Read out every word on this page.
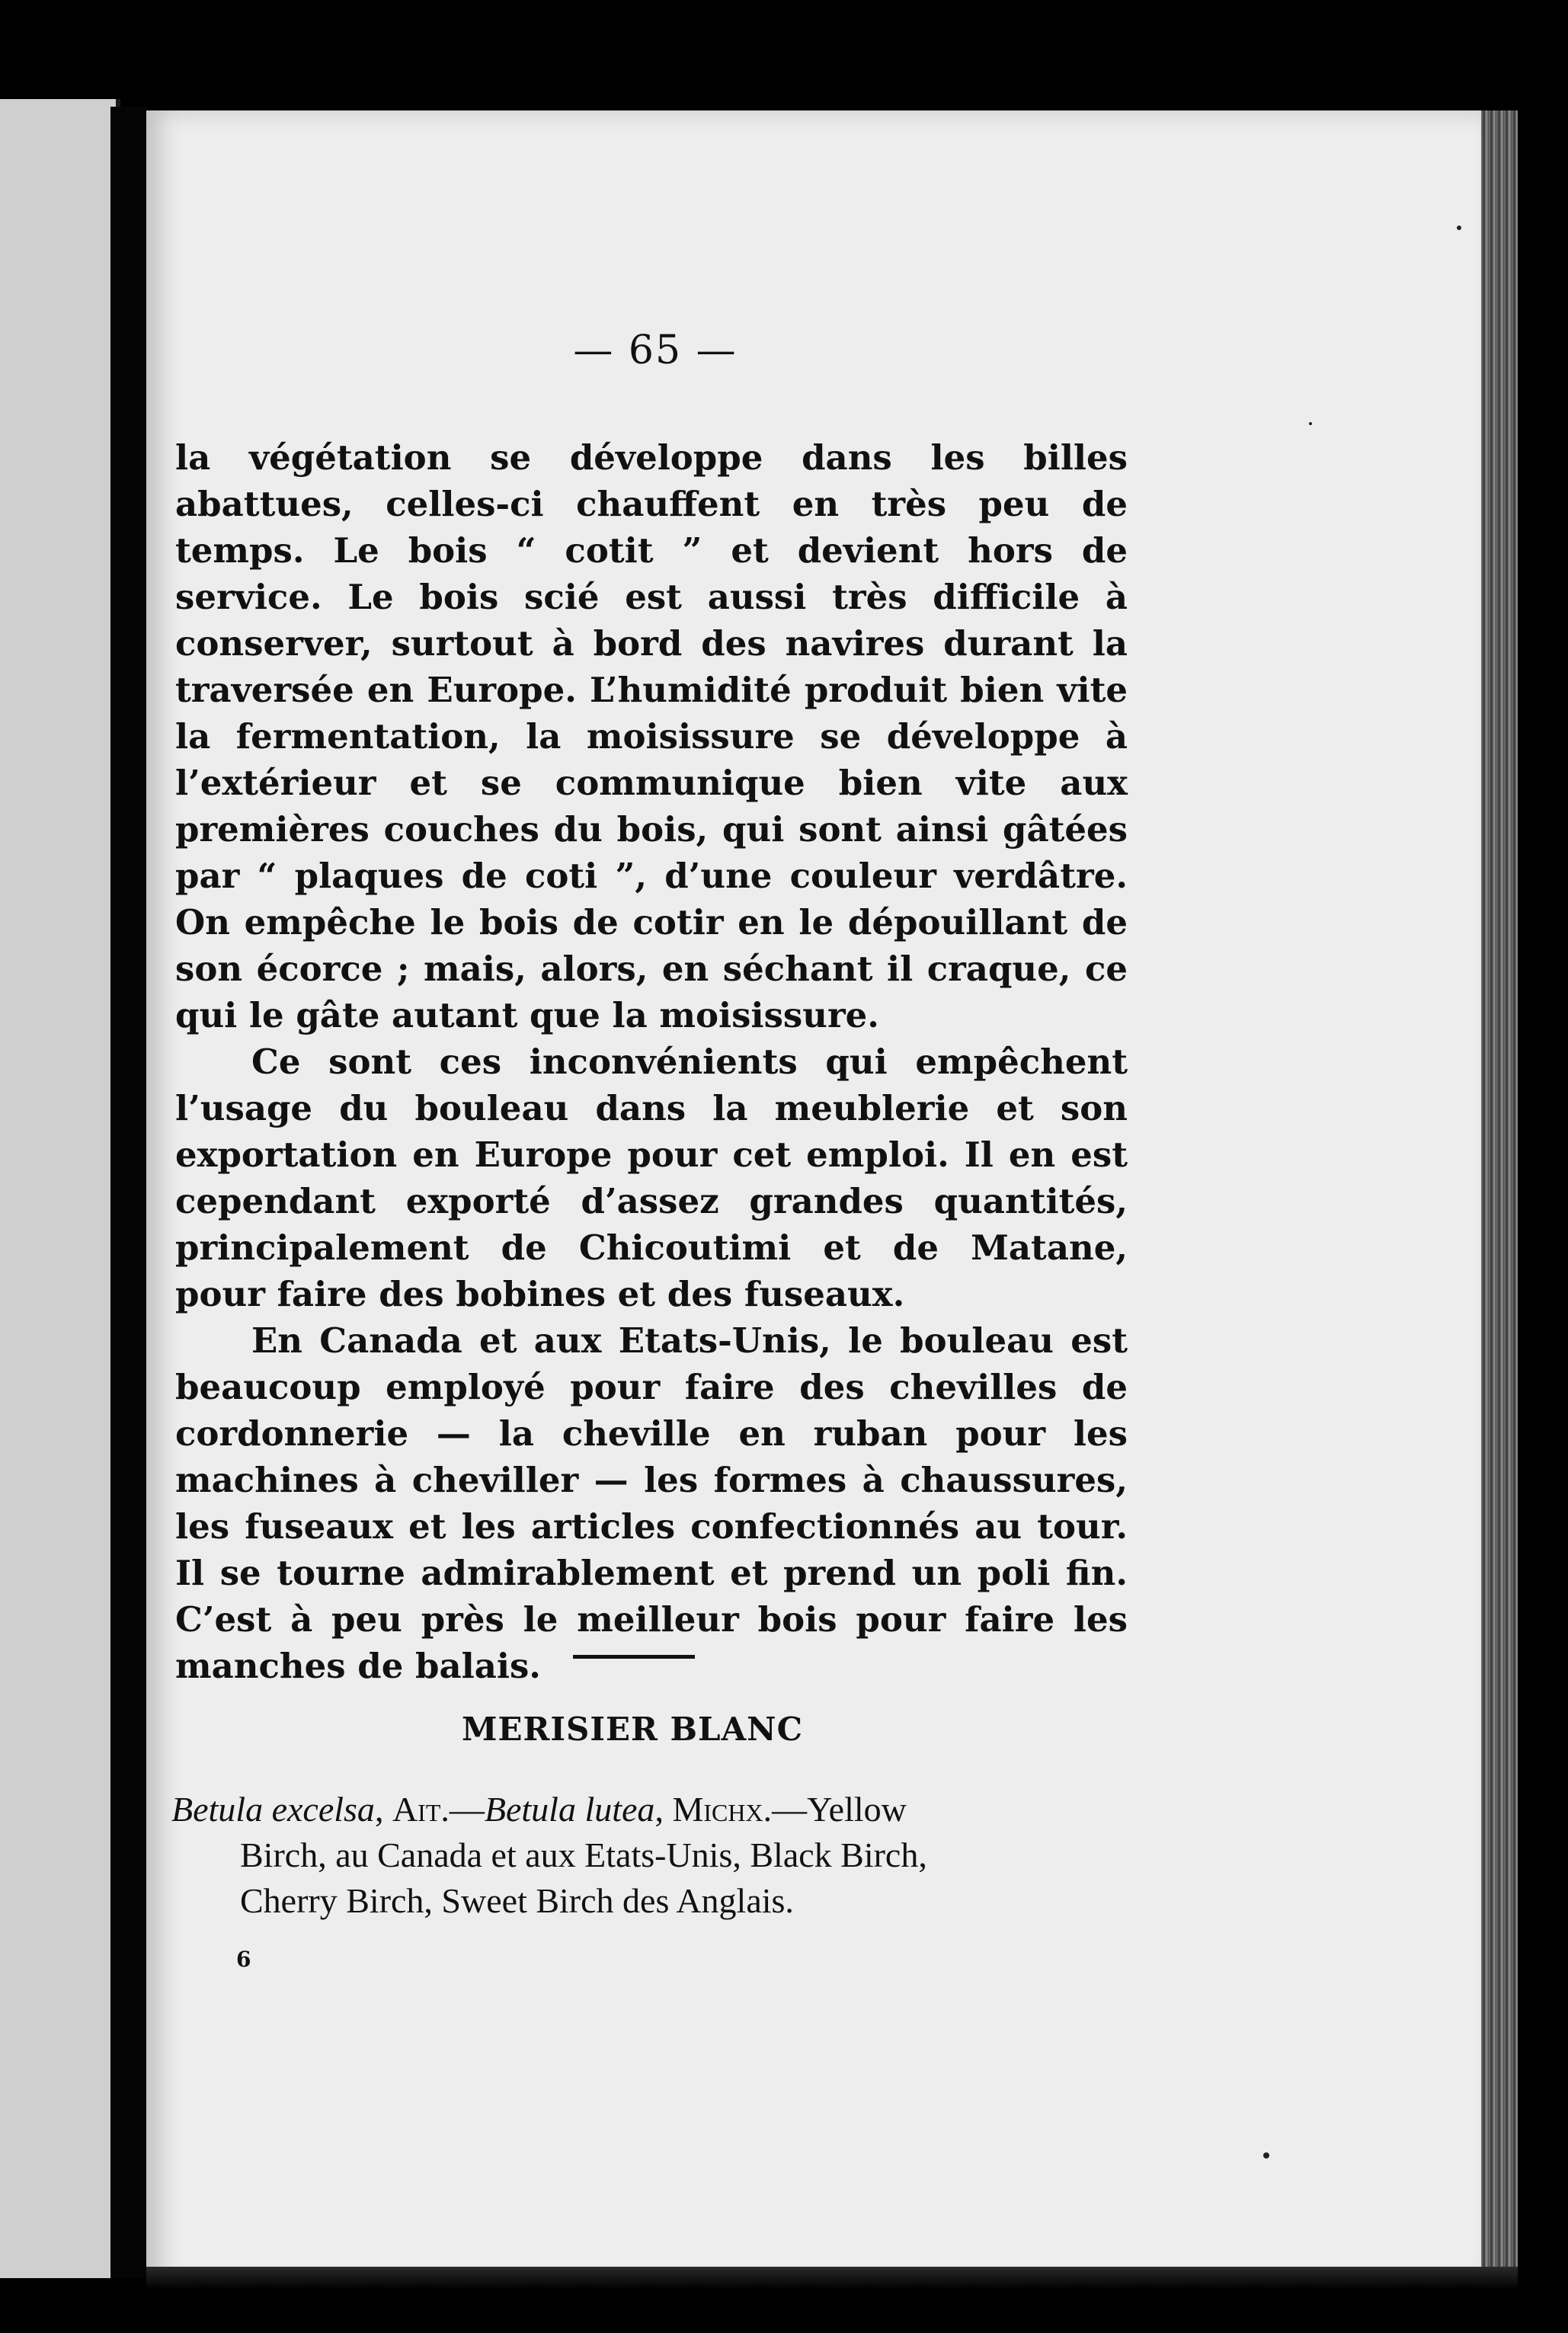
— 65 —

la végétation se développe dans les billes abattues, celles-ci chauffent en très peu de temps. Le bois “ cotit ” et devient hors de service. Le bois scié est aussi très difficile à conserver, surtout à bord des navires durant la traversée en Europe. L’humidité produit bien vite la fermentation, la moisissure se développe à l’extérieur et se communique bien vite aux premières couches du bois, qui sont ainsi gâtées par “ plaques de coti ”, d’une couleur verdâtre. On empêche le bois de cotir en le dépouillant de son écorce ; mais, alors, en séchant il craque, ce qui le gâte autant que la moisissure.

Ce sont ces inconvénients qui empêchent l’usage du bouleau dans la meublerie et son exportation en Europe pour cet emploi. Il en est cependant exporté d’assez grandes quantités, principalement de Chicoutimi et de Matane, pour faire des bobines et des fuseaux.

En Canada et aux Etats-Unis, le bouleau est beaucoup employé pour faire des chevilles de cordonnerie — la cheville en ruban pour les machines à cheviller — les formes à chaussures, les fuseaux et les articles confectionnés au tour. Il se tourne admirablement et prend un poli fin. C’est à peu près le meilleur bois pour faire les manches de balais.

MERISIER BLANC

Betula excelsa, Ait.—Betula lutea, Michx.—Yellow

Birch, au Canada et aux Etats-Unis, Black Birch,

Cherry Birch, Sweet Birch des Anglais.

6
